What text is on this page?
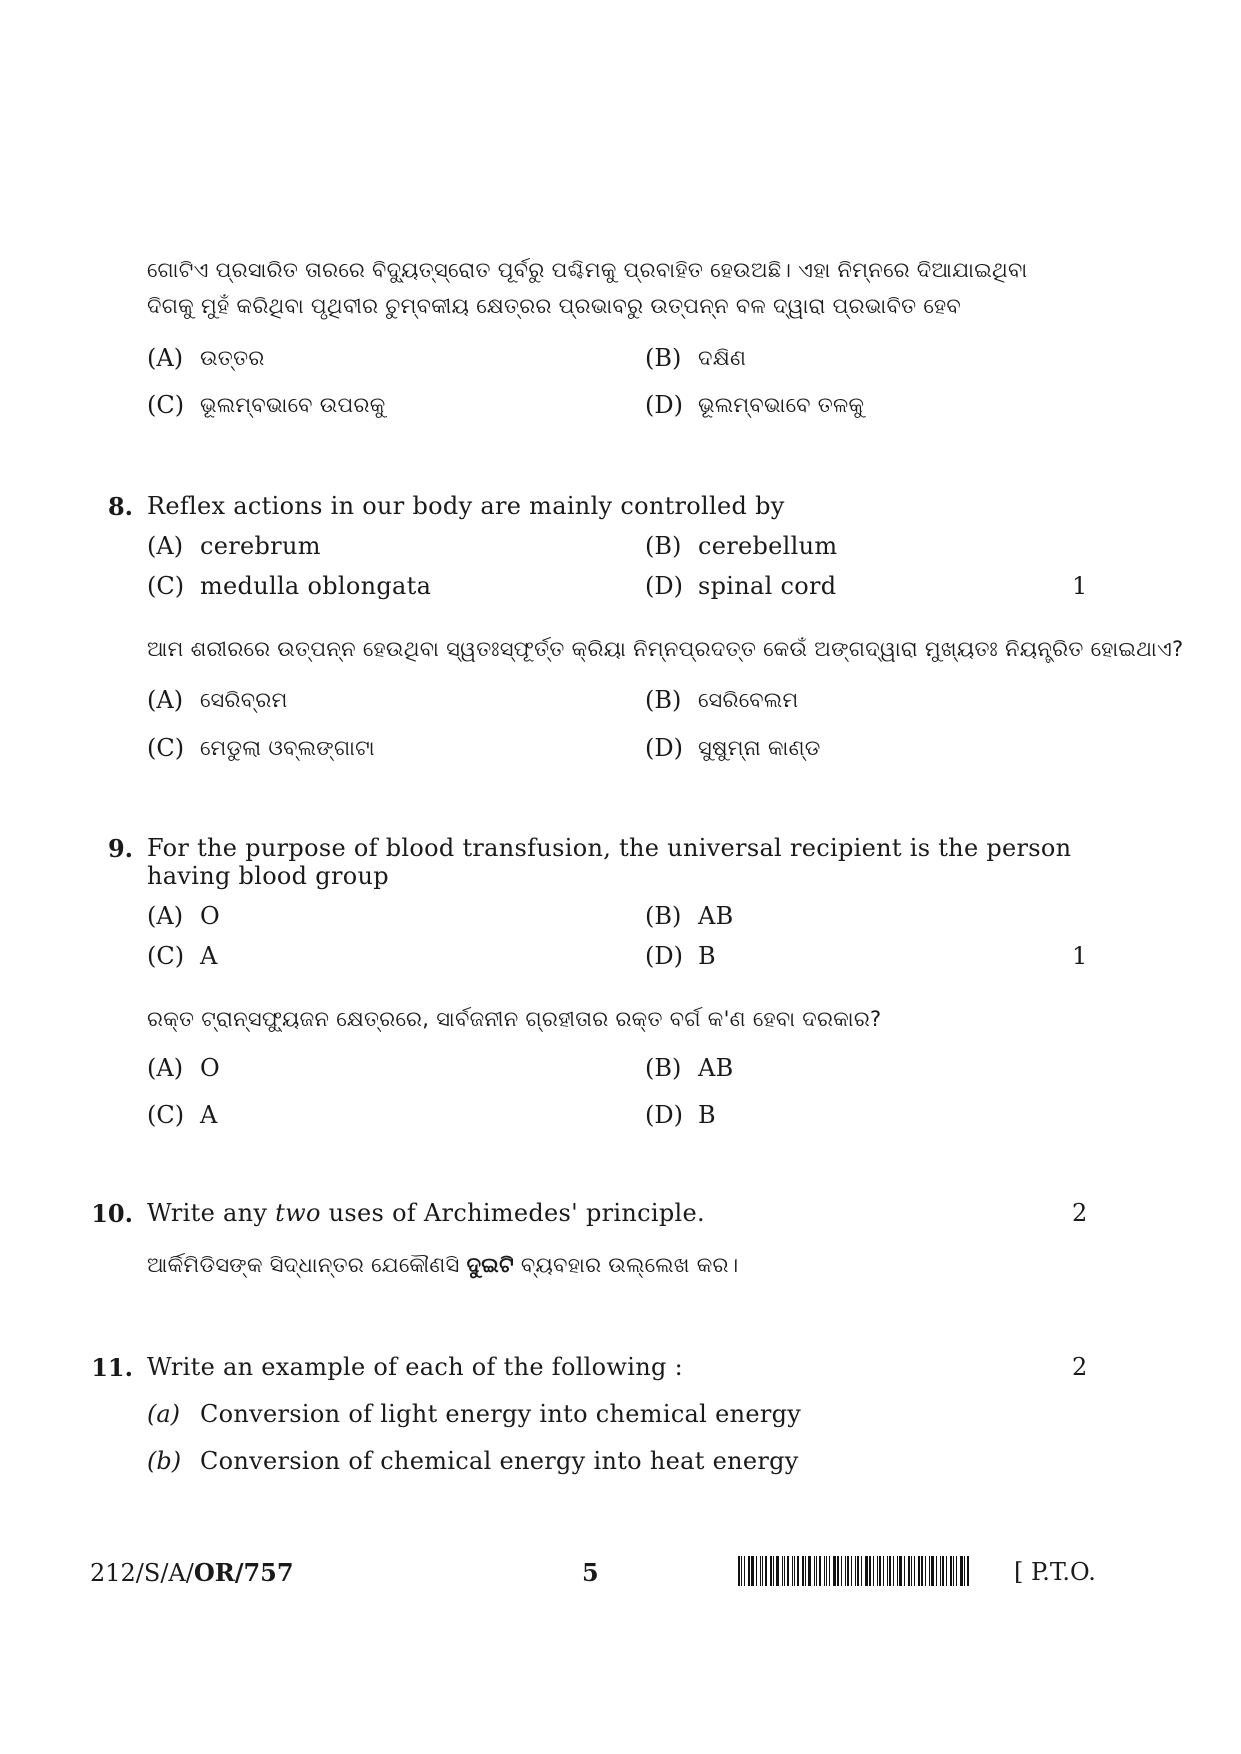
ଗୋଟିଏ ପ୍ରସାରିତ ତାରରେ ବିଦ୍ୟୁତ୍‌ସ୍ରୋତ ପୂର୍ବରୁ ପଶ୍ଚିମକୁ ପ୍ରବାହିତ ହେଉଅଛି। ଏହା ନିମ୍ନରେ ଦିଆଯାଇଥିବା
ଦିଗକୁ ମୁହଁ କରିଥିବା ପୃଥିବୀର ଚୁମ୍ବକୀୟ କ୍ଷେତ୍ରର ପ୍ରଭାବରୁ ଉତ୍ପନ୍ନ ବଳ ଦ୍ୱାରା ପ୍ରଭାବିତ ହେବ
(A) ଉତ୍ତର	(B) ଦକ୍ଷିଣ
(C) ଭୂଲମ୍ବଭାବେ ଉପରକୁ	(D) ଭୂଲମ୍ବଭାବେ ତଳକୁ
8. Reflex actions in our body are mainly controlled by
(A) cerebrum	(B) cerebellum
(C) medulla oblongata	(D) spinal cord	1
ଆମ ଶରୀରରେ ଉତ୍ପନ୍ନ ହେଉଥିବା ସ୍ୱତଃସ୍ଫୂର୍ତ୍ତ କ୍ରିୟା ନିମ୍ନପ୍ରଦତ୍ତ କେଉଁ ଅଙ୍ଗଦ୍ୱାରା ମୁଖ୍ୟତଃ ନିୟନ୍ତ୍ରିତ ହୋଇଥାଏ?
(A) ସେରିବ୍ରମ	(B) ସେରିବେଲମ
(C) ମେଡୁଲା ଓବ୍‌ଲଙ୍ଗାଟା	(D) ସୁଷୁମ୍ନା କାଣ୍ଡ
9. For the purpose of blood transfusion, the universal recipient is the person
having blood group
(A) O	(B) AB
(C) A	(D) B	1
ରକ୍ତ ଟ୍ରାନ୍‌ସଫ୍ୟୁଜନ କ୍ଷେତ୍ରରେ, ସାର୍ବଜନୀନ ଗ୍ରହୀତାର ରକ୍ତ ବର୍ଗ କ'ଣ ହେବା ଦରକାର?
(A) O	(B) AB
(C) A	(D) B
10. Write any two uses of Archimedes' principle.	2
ଆର୍କିମିଡିସଙ୍କ ସିଦ୍ଧାନ୍ତର ଯେକୌଣସି ଦୁଇଟି ବ୍ୟବହାର ଉଲ୍ଲେଖ କର।
11. Write an example of each of the following :	2
(a) Conversion of light energy into chemical energy
(b) Conversion of chemical energy into heat energy
212/S/A/OR/757	5	[ P.T.O.
